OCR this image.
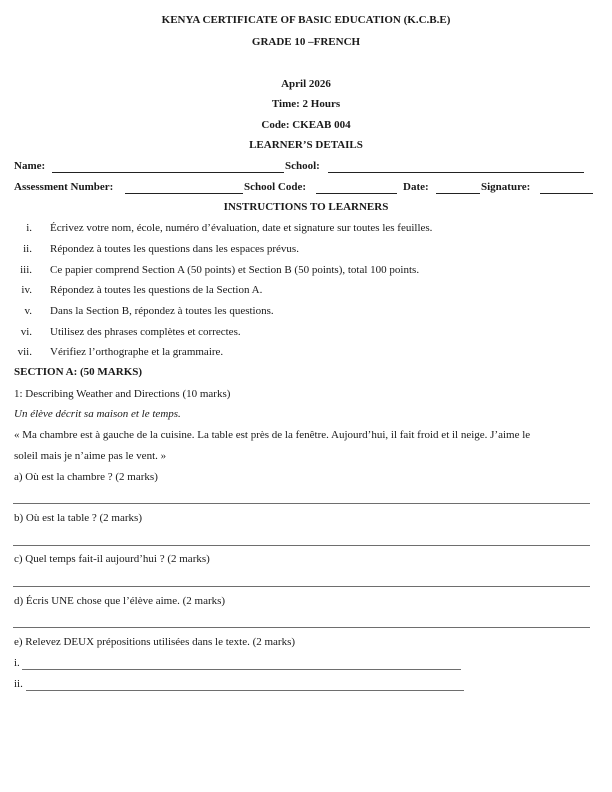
KENYA CERTIFICATE OF BASIC EDUCATION (K.C.B.E)
GRADE 10 –FRENCH
April 2026
Time: 2 Hours
Code: CKEAB 004
LEARNER’S DETAILS
Name:	School:
Assessment Number:	School Code:	Date:	Signature:
INSTRUCTIONS TO LEARNERS
i. Écrivez votre nom, école, numéro d’évaluation, date et signature sur toutes les feuilles.
ii. Répondez à toutes les questions dans les espaces prévus.
iii. Ce papier comprend Section A (50 points) et Section B (50 points), total 100 points.
iv. Répondez à toutes les questions de la Section A.
v. Dans la Section B, répondez à toutes les questions.
vi. Utilisez des phrases complètes et correctes.
vii. Vérifiez l’orthographe et la grammaire.
SECTION A: (50 MARKS)
1: Describing Weather and Directions (10 marks)
Un élève décrit sa maison et le temps.
« Ma chambre est à gauche de la cuisine. La table est près de la fenêtre. Aujourd’hui, il fait froid et il neige. J’aime le
soleil mais je n’aime pas le vent. »
a) Où est la chambre ? (2 marks)
b) Où est la table ? (2 marks)
c) Quel temps fait-il aujourd’hui ? (2 marks)
d) Écris UNE chose que l’élève aime. (2 marks)
e) Relevez DEUX prépositions utilisées dans le texte. (2 marks)
i.
ii.
